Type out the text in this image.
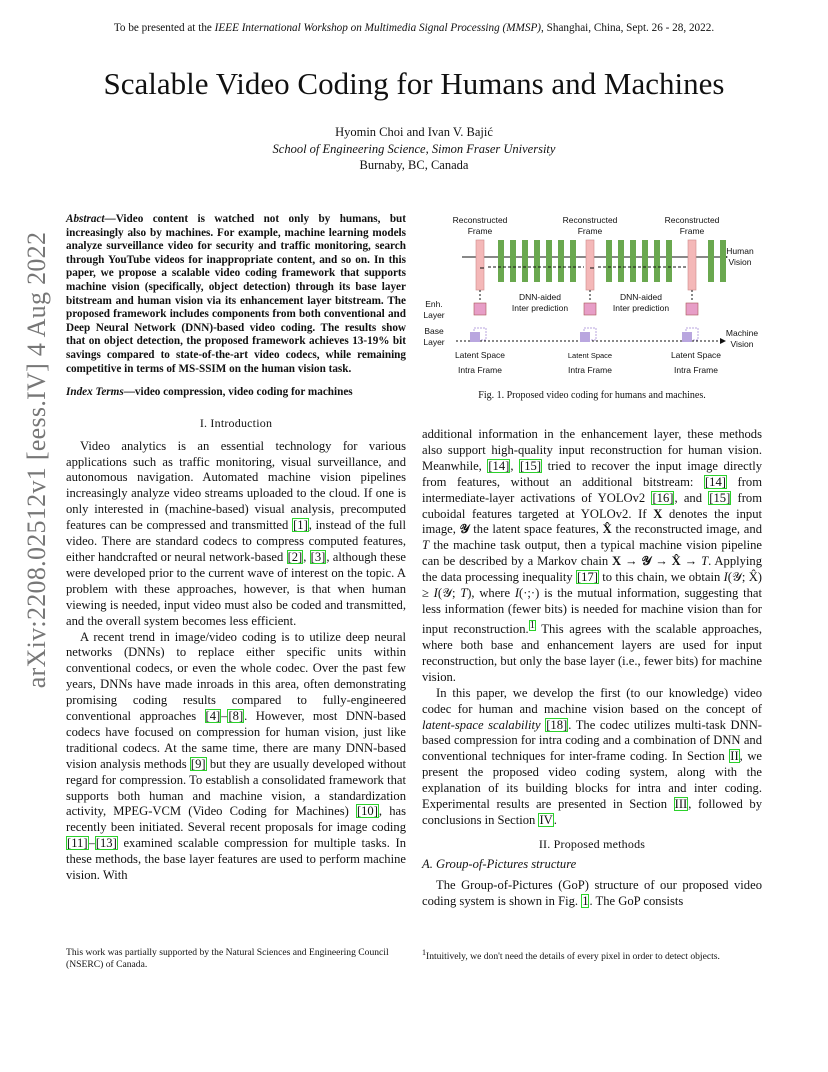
To be presented at the IEEE International Workshop on Multimedia Signal Processing (MMSP), Shanghai, China, Sept. 26 - 28, 2022.
Scalable Video Coding for Humans and Machines
Hyomin Choi and Ivan V. Bajić
School of Engineering Science, Simon Fraser University
Burnaby, BC, Canada
arXiv:2208.02512v1 [eess.IV] 4 Aug 2022
Abstract—Video content is watched not only by humans, but increasingly also by machines. For example, machine learning models analyze surveillance video for security and traffic monitoring, search through YouTube videos for inappropriate content, and so on. In this paper, we propose a scalable video coding framework that supports machine vision (specifically, object detection) through its base layer bitstream and human vision via its enhancement layer bitstream. The proposed framework includes components from both conventional and Deep Neural Network (DNN)-based video coding. The results show that on object detection, the proposed framework achieves 13-19% bit savings compared to state-of-the-art video codecs, while remaining competitive in terms of MS-SSIM on the human vision task.
Index Terms—video compression, video coding for machines
I. Introduction

Video analytics is an essential technology for various applications such as traffic monitoring, visual surveillance, and autonomous navigation. Automated machine vision pipelines increasingly analyze video streams uploaded to the cloud. If one is only interested in (machine-based) visual analysis, precomputed features can be compressed and transmitted [1], instead of the full video. There are standard codecs to compress computed features, either handcrafted or neural network-based [2], [3], although these were developed prior to the current wave of interest on the topic. A problem with these approaches, however, is that when human viewing is needed, input video must also be coded and transmitted, and the overall system becomes less efficient.

A recent trend in image/video coding is to utilize deep neural networks (DNNs) to replace either specific units within conventional codecs, or even the whole codec. Over the past few years, DNNs have made inroads in this area, often demonstrating promising coding results compared to fully-engineered conventional approaches [4]–[8]. However, most DNN-based codecs have focused on compression for human vision, just like traditional codecs. At the same time, there are many DNN-based vision analysis methods [9] but they are usually developed without regard for compression. To establish a consolidated framework that supports both human and machine vision, a standardization activity, MPEG-VCM (Video Coding for Machines) [10], has recently been initiated. Several recent proposals for image coding [11]–[13] examined scalable compression for multiple tasks. In these methods, the base layer features are used to perform machine vision. With

Reconstructed
Frame
Reconstructed
Frame
Reconstructed
Frame
Human
Vision
Enh.
Layer
Base
Layer
Machine
Vision
DNN-aided
Inter prediction
DNN-aided
Inter prediction
Latent Space	Latent Space	Latent Space
Intra Frame	Intra Frame	Intra Frame
Fig. 1. Proposed video coding for humans and machines.

additional information in the enhancement layer, these methods also support high-quality input reconstruction for human vision. Meanwhile, [14], [15] tried to recover the input image directly from features, without an additional bitstream: [14] from intermediate-layer activations of YOLOv2 [16], and [15] from cuboidal features targeted at YOLOv2. If X denotes the input image, 𝒴 the latent space features, X̂ the reconstructed image, and T the machine task output, then a typical machine vision pipeline can be described by a Markov chain X → 𝒴 → X̂ → T. Applying the data processing inequality [17] to this chain, we obtain I(𝒴; X̂) ≥ I(𝒴; T), where I(·;·) is the mutual information, suggesting that less information (fewer bits) is needed for machine vision than for input reconstruction.$^1$ This agrees with the scalable approaches, where both base and enhancement layers are used for input reconstruction, but only the base layer (i.e., fewer bits) for machine vision.

In this paper, we develop the first (to our knowledge) video codec for human and machine vision based on the concept of latent-space scalability [18]. The codec utilizes multi-task DNN-based compression for intra coding and a combination of DNN and conventional techniques for inter-frame coding. In Section II, we present the proposed video coding system, along with the explanation of its building blocks for intra and inter coding. Experimental results are presented in Section III, followed by conclusions in Section IV.

II. Proposed methods
A. Group-of-Pictures structure

The Group-of-Pictures (GoP) structure of our proposed video coding system is shown in Fig. 1. The GoP consists

This work was partially supported by the Natural Sciences and Engineering Council (NSERC) of Canada.
$^1$Intuitively, we don't need the details of every pixel in order to detect objects.
